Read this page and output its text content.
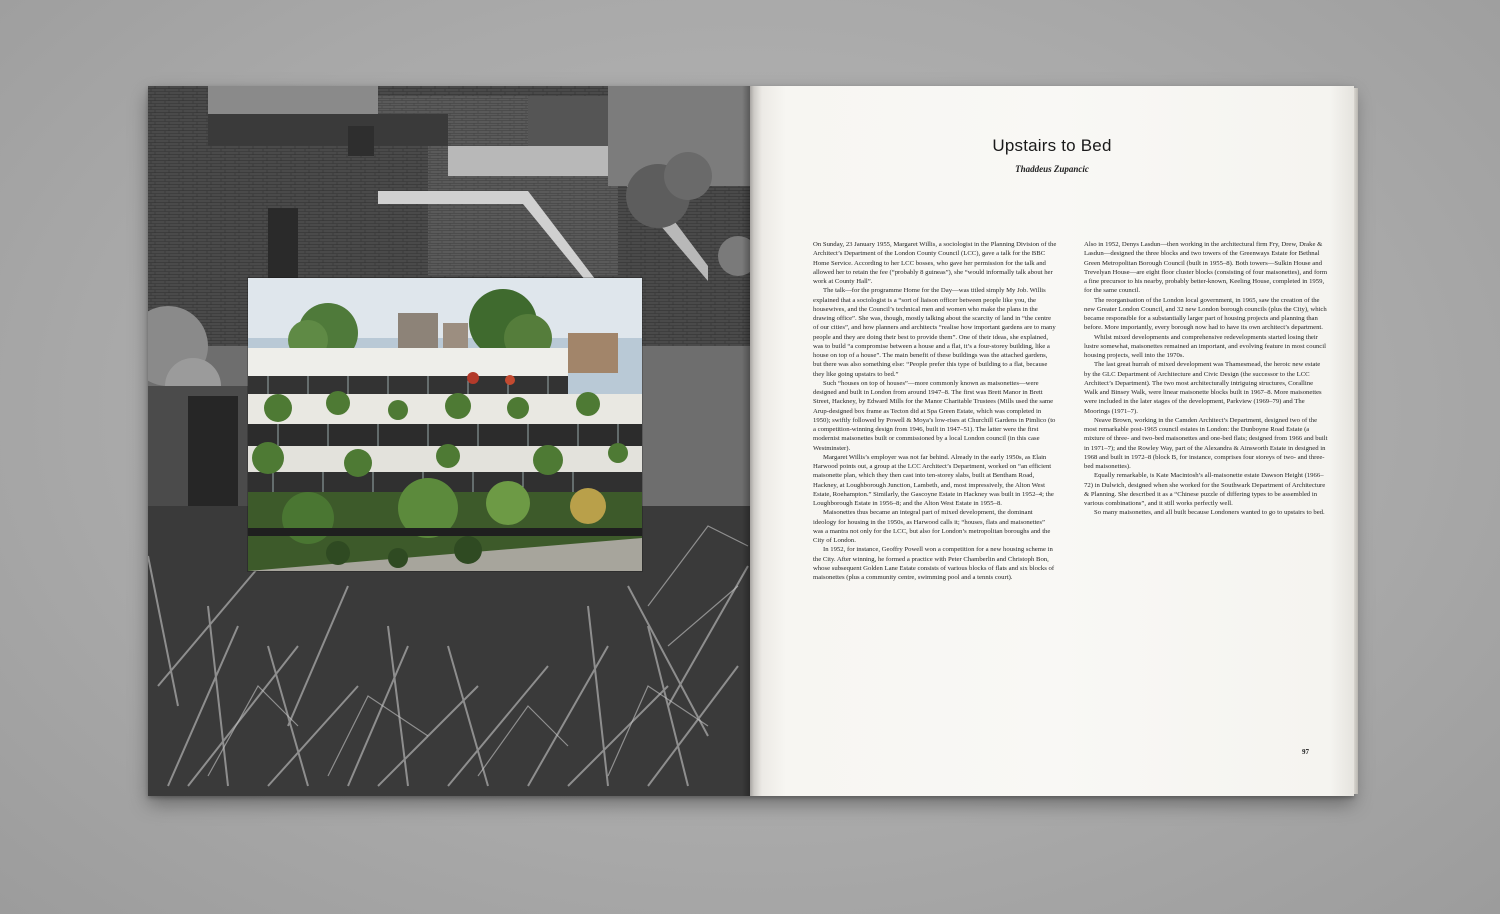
Upstairs to Bed
Thaddeus Zupancic

On Sunday, 23 January 1955, Margaret Willis, a sociologist in the Planning Division of the Architect’s Department of the London County Council (LCC), gave a talk for the BBC Home Service. According to her LCC bosses, who gave her permission for the talk and allowed her to retain the fee (“probably 8 guineas”), she “would informally talk about her work at County Hall”.

The talk—for the programme Home for the Day—was titled simply My Job. Willis explained that a sociologist is a “sort of liaison officer between people like you, the housewives, and the Council’s technical men and women who make the plans in the drawing office”. She was, though, mostly talking about the scarcity of land in “the centre of our cities”, and how planners and architects “realise how important gardens are to many people and they are doing their best to provide them”. One of their ideas, she explained, was to build “a compromise between a house and a flat, it’s a four-storey building, like a house on top of a house”. The main benefit of these buildings was the attached gardens, but there was also something else: “People prefer this type of building to a flat, because they like going upstairs to bed.”

Such “houses on top of houses”—more commonly known as maisonettes—were designed and built in London from around 1947–8. The first was Brett Manor in Brett Street, Hackney, by Edward Mills for the Manor Charitable Trustees (Mills used the same Arup-designed box frame as Tecton did at Spa Green Estate, which was completed in 1950); swiftly followed by Powell & Moya’s low-rises at Churchill Gardens in Pimlico (to a competition-winning design from 1946, built in 1947–51). The latter were the first modernist maisonettes built or commissioned by a local London council (in this case Westminster).

Margaret Willis’s employer was not far behind. Already in the early 1950s, as Elain Harwood points out, a group at the LCC Architect’s Department, worked on “an efficient maisonette plan, which they then cast into ten-storey slabs, built at Bentham Road, Hackney, at Loughborough Junction, Lambeth, and, most impressively, the Alton West Estate, Roehampton.” Similarly, the Gascoyne Estate in Hackney was built in 1952–4; the Loughborough Estate in 1956–8; and the Alton West Estate in 1955–8.

Maisonettes thus became an integral part of mixed development, the dominant ideology for housing in the 1950s, as Harwood calls it; “houses, flats and maisonettes” was a mantra not only for the LCC, but also for London’s metropolitan boroughs and the City of London.

In 1952, for instance, Geoffry Powell won a competition for a new housing scheme in the City. After winning, he formed a practice with Peter Chamberlin and Christoph Bon, whose subsequent Golden Lane Estate consists of various blocks of flats and six blocks of maisonettes (plus a community centre, swimming pool and a tennis court).

Also in 1952, Denys Lasdun—then working in the architectural firm Fry, Drew, Drake & Lasdun—designed the three blocks and two towers of the Greenways Estate for Bethnal Green Metropolitan Borough Council (built in 1955–8). Both towers—Sulkin House and Trevelyan House—are eight floor cluster blocks (consisting of four maisonettes), and form a fine precursor to his nearby, probably better-known, Keeling House, completed in 1959, for the same council.

The reorganisation of the London local government, in 1965, saw the creation of the new Greater London Council, and 32 new London borough councils (plus the City), which became responsible for a substantially larger part of housing projects and planning than before. More importantly, every borough now had to have its own architect’s department.

Whilst mixed developments and comprehensive redevelopments started losing their lustre somewhat, maisonettes remained an important, and evolving feature in most council housing projects, well into the 1970s.

The last great hurrah of mixed development was Thamesmead, the heroic new estate by the GLC Department of Architecture and Civic Design (the successor to the LCC Architect’s Department). The two most architecturally intriguing structures, Coralline Walk and Binsey Walk, were linear maisonette blocks built in 1967–8. More maisonettes were included in the later stages of the development, Parkview (1969–79) and The Moorings (1971–7).

Neave Brown, working in the Camden Architect’s Department, designed two of the most remarkable post-1965 council estates in London: the Dunboyne Road Estate (a mixture of three- and two-bed maisonettes and one-bed flats; designed from 1966 and built in 1971–7); and the Rowley Way, part of the Alexandra & Ainsworth Estate in designed in 1968 and built in 1972–8 (block B, for instance, comprises four storeys of two- and three-bed maisonettes).

Equally remarkable, is Kate Macintosh’s all-maisonette estate Dawson Height (1966–72) in Dulwich, designed when she worked for the Southwark Department of Architecture & Planning. She described it as a “Chinese puzzle of differing types to be assembled in various combinations”, and it still works perfectly well.

So many maisonettes, and all built because Londoners wanted to go to upstairs to bed.

97
